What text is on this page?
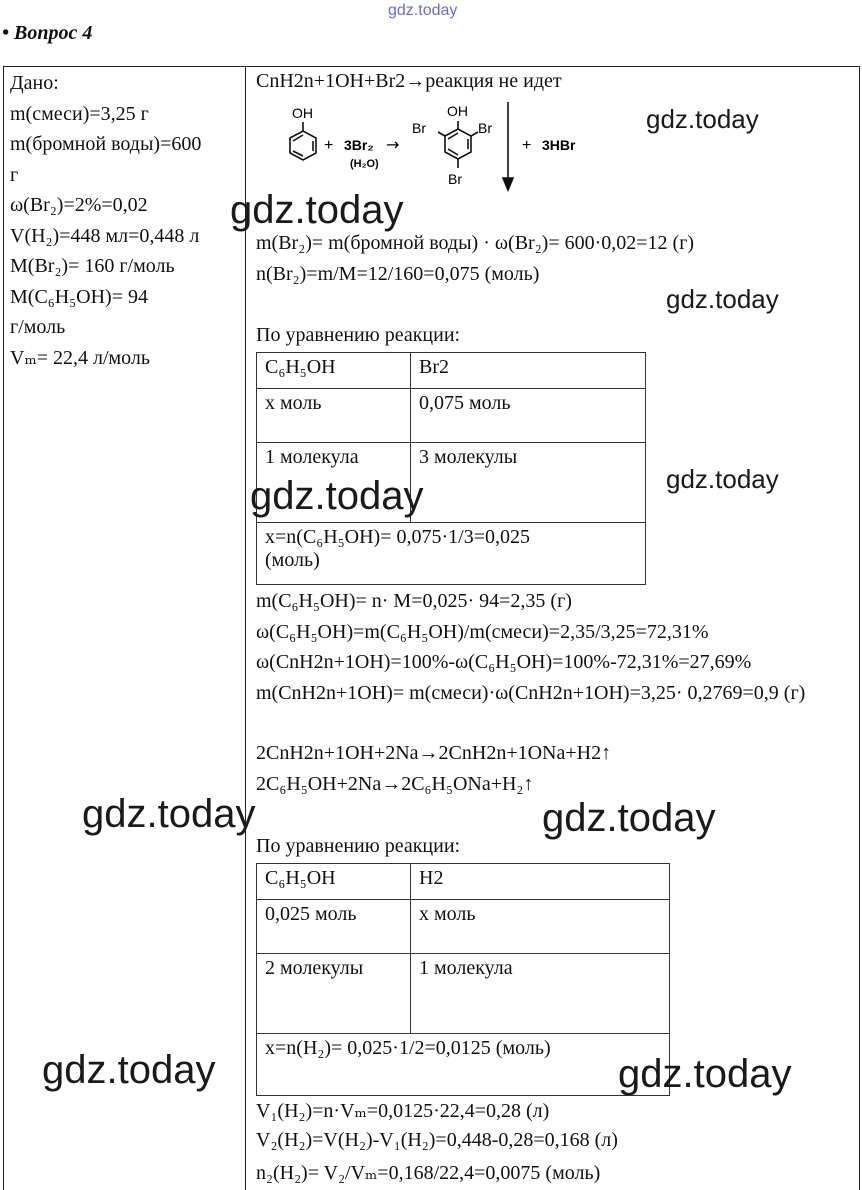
gdz.today
• Вопрос 4
Дано:
m(смеси)=3,25 г
m(бромной воды)=600
г
ω(Br₂)=2%=0,02
V(H₂)=448 мл=0,448 л
M(Br₂)= 160 г/моль
M(C₆H₅OH)= 94
г/моль
Vₘ= 22,4 л/моль
CnH2n+1OH+Br2→реакция не идет
OH
+ 3Br₂
(H₂O)
→
OH
Br	Br
Br
+ 3HBr
m(Br₂)= m(бромной воды) · ω(Br₂)= 600·0,02=12 (г)
n(Br₂)=m/M=12/160=0,075 (моль)
По уравнению реакции:
C₆H₅OH	Br2
x моль	0,075 моль
1 молекула	3 молекулы

x=n(C₆H₅OH)= 0,075·1/3=0,025
(моль)	
m(C₆H₅OH)= n· M=0,025· 94=2,35 (г)
ω(C₆H₅OH)=m(C₆H₅OH)/m(смеси)=2,35/3,25=72,31%
ω(CnH2n+1OH)=100%-ω(C₆H₅OH)=100%-72,31%=27,69%
m(CnH2n+1OH)= m(смеси)·ω(CnH2n+1OH)=3,25· 0,2769=0,9 (г)
2CnH2n+1OH+2Na→2CnH2n+1ONa+H2↑
2C₆H₅OH+2Na→2C₆H₅ONa+H₂↑
По уравнению реакции:
C₆H₅OH	H2
0,025 моль	x моль
2 молекулы	1 молекула
x=n(H₂)= 0,025·1/2=0,0125 (моль)	
V₁(H₂)=n·Vₘ=0,0125·22,4=0,28 (л)
V₂(H₂)=V(H₂)-V₁(H₂)=0,448-0,28=0,168 (л)
n₂(H₂)= V₂/Vₘ=0,168/22,4=0,0075 (моль)
gdz.today
gdz.today
gdz.today
gdz.today
gdz.today
gdz.today	gdz.today
gdz.today	gdz.today
